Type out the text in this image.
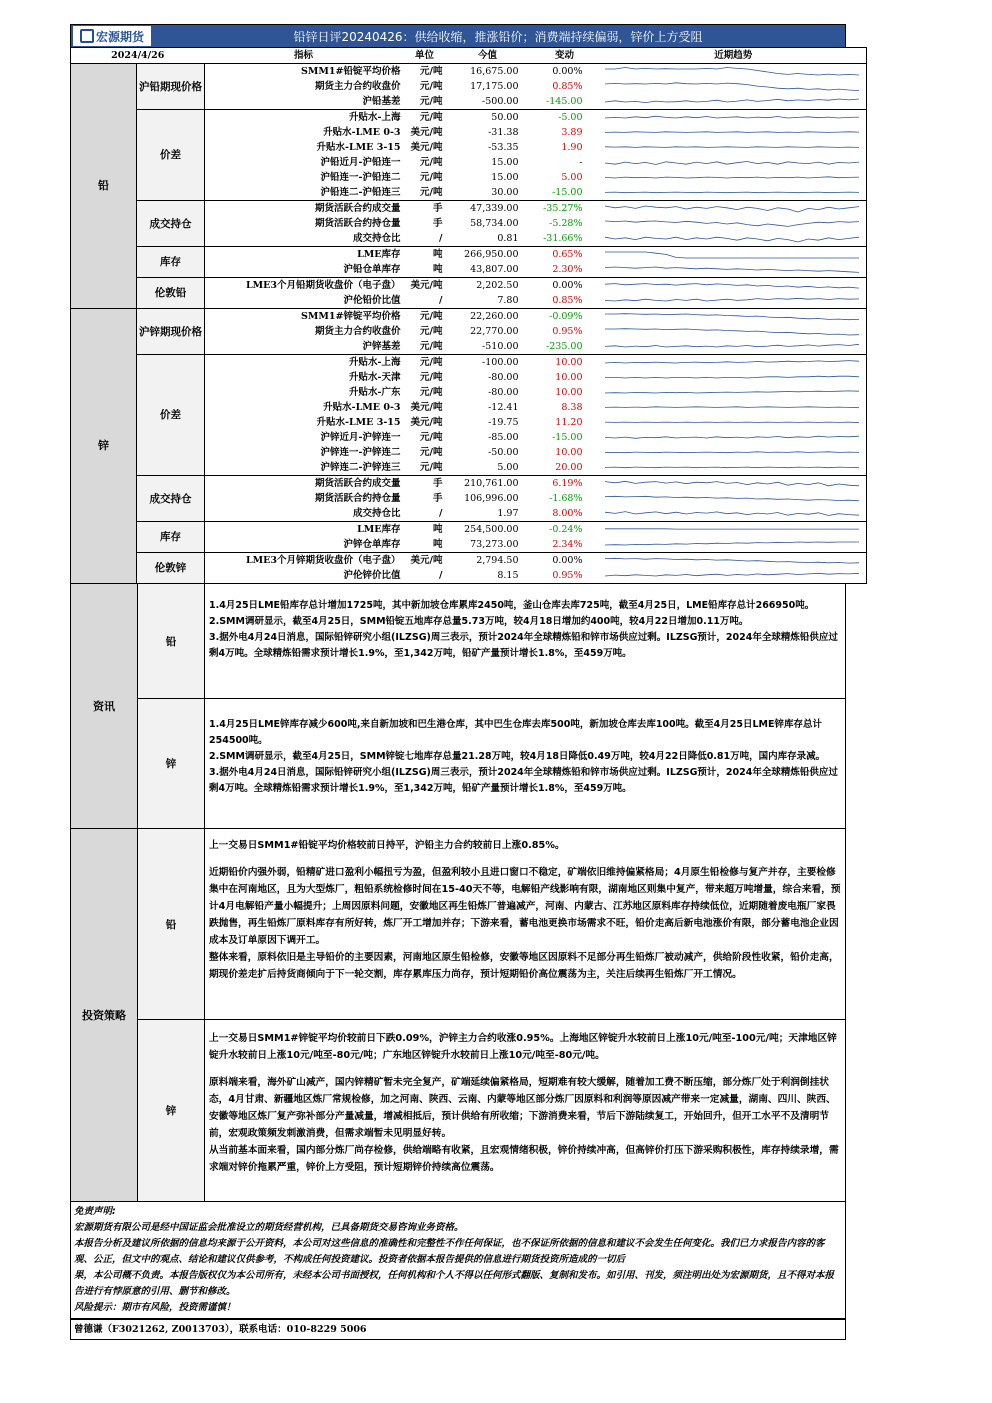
宏源期货	铅锌日评20240426：供给收缩，推涨铅价；消费端持续偏弱，锌价上方受阻
2024/4/26		指标	单位	今值	变动	近期趋势
铅	沪铅期现价格	SMM1#铅锭平均价格	元/吨	16,675.00	0.00%	

		期货主力合约收盘价	元/吨	17,175.00	0.85%	

		沪铅基差	元/吨	-500.00	-145.00	

	价差	升贴水-上海	元/吨	50.00	-5.00	

		升贴水-LME 0-3	美元/吨	-31.38	3.89	

		升贴水-LME 3-15	美元/吨	-53.35	1.90	

		沪铅近月-沪铅连一	元/吨	15.00	-	

		沪铅连一-沪铅连二	元/吨	15.00	5.00	

		沪铅连二-沪铅连三	元/吨	30.00	-15.00	

	成交持仓	期货活跃合约成交量	手	47,339.00	-35.27%	

		期货活跃合约持仓量	手	58,734.00	-5.28%	

		成交持仓比	/	0.81	-31.66%	

	库存	LME库存	吨	266,950.00	0.65%	

		沪铅仓单库存	吨	43,807.00	2.30%	

	伦敦铅	LME3个月铅期货收盘价（电子盘）	美元/吨	2,202.50	0.00%	

		沪伦铅价比值	/	7.80	0.85%	

锌	沪锌期现价格	SMM1#锌锭平均价格	元/吨	22,260.00	-0.09%	

		期货主力合约收盘价	元/吨	22,770.00	0.95%	

		沪锌基差	元/吨	-510.00	-235.00	

	价差	升贴水-上海	元/吨	-100.00	10.00	

		升贴水-天津	元/吨	-80.00	10.00	

		升贴水-广东	元/吨	-80.00	10.00	

		升贴水-LME 0-3	美元/吨	-12.41	8.38	

		升贴水-LME 3-15	美元/吨	-19.75	11.20	

		沪锌近月-沪锌连一	元/吨	-85.00	-15.00	

		沪锌连一-沪锌连二	元/吨	-50.00	10.00	

		沪锌连二-沪锌连三	元/吨	5.00	20.00	

	成交持仓	期货活跃合约成交量	手	210,761.00	6.19%	

		期货活跃合约持仓量	手	106,996.00	-1.68%	

		成交持仓比	/	1.97	8.00%	

	库存	LME库存	吨	254,500.00	-0.24%	

		沪锌仓单库存	吨	73,273.00	2.34%	

	伦敦锌	LME3个月锌期货收盘价（电子盘）	美元/吨	2,794.50	0.00%	

		沪伦锌价比值	/	8.15	0.95%	
资讯
铅

1.4月25日LME铅库存总计增加1725吨，其中新加坡仓库累库2450吨，釜山仓库去库725吨，截至4月25日，LME铅库存总计266950吨。

2.SMM调研显示，截至4月25日，SMM铅锭五地库存总量5.73万吨，较4月18日增加约400吨，较4月22日增加0.11万吨。

3.据外电4月24日消息，国际铅锌研究小组(ILZSG)周三表示，预计2024年全球精炼铅和锌市场供应过剩。ILZSG预计，2024年全球精炼铅供应过剩4万吨。全球精炼铅需求预计增长1.9%，至1,342万吨，铅矿产量预计增长1.8%，至459万吨。

锌

1.4月25日LME锌库存减少600吨,来自新加坡和巴生港仓库，其中巴生仓库去库500吨，新加坡仓库去库100吨。截至4月25日LME锌库存总计254500吨。

2.SMM调研显示，截至4月25日，SMM锌锭七地库存总量21.28万吨，较4月18日降低0.49万吨，较4月22日降低0.81万吨，国内库存录减。

3.据外电4月24日消息，国际铅锌研究小组(ILZSG)周三表示，预计2024年全球精炼铅和锌市场供应过剩。ILZSG预计，2024年全球精炼铅供应过剩4万吨。全球精炼铅需求预计增长1.9%，至1,342万吨，铅矿产量预计增长1.8%，至459万吨。

投资策略
铅

上一交易日SMM1#铅锭平均价格较前日持平，沪铅主力合约较前日上涨0.85%。

近期铅价内强外弱，铅精矿进口盈利小幅扭亏为盈，但盈利较小且进口窗口不稳定，矿端依旧维持偏紧格局；4月原生铅检修与复产并存，主要检修集中在河南地区，且为大型炼厂，粗铅系统检修时间在15-40天不等，电解铅产线影响有限，湖南地区则集中复产，带来超万吨增量，综合来看，预计4月电解铅产量小幅提升；上周因原料问题，安徽地区再生铅炼厂普遍减产，河南、内蒙古、江苏地区原料库存持续低位，近期随着废电瓶厂家畏跌抛售，再生铅炼厂原料库存有所好转，炼厂开工增加并存；下游来看，蓄电池更换市场需求不旺，铅价走高后新电池涨价有限，部分蓄电池企业因成本及订单原因下调开工。

整体来看，原料依旧是主导铅价的主要因素，河南地区原生铅检修，安徽等地区因原料不足部分再生铅炼厂被动减产，供给阶段性收紧，铅价走高，期现价差走扩后持货商倾向于下一轮交割，库存累库压力尚存，预计短期铅价高位震荡为主，关注后续再生铅炼厂开工情况。

锌

上一交易日SMM1#锌锭平均价较前日下跌0.09%，沪锌主力合约收涨0.95%。上海地区锌锭升水较前日上涨10元/吨至-100元/吨；天津地区锌锭升水较前日上涨10元/吨至-80元/吨；广东地区锌锭升水较前日上涨10元/吨至-80元/吨。

原料端来看，海外矿山减产，国内锌精矿暂未完全复产，矿端延续偏紧格局，短期难有较大缓解，随着加工费不断压缩，部分炼厂处于利润倒挂状态，4月甘肃、新疆地区炼厂常规检修，加之河南、陕西、云南、内蒙等地区部分炼厂因原料和利润等原因减产带来一定减量，湖南、四川、陕西、安徽等地区炼厂复产弥补部分产量减量，增减相抵后，预计供给有所收缩；下游消费来看，节后下游陆续复工，开始回升，但开工水平不及清明节前，宏观政策频发刺激消费，但需求端暂未见明显好转。

从当前基本面来看，国内部分炼厂尚存检修，供给端略有收紧，且宏观情绪积极，锌价持续冲高，但高锌价打压下游采购积极性，库存持续录增，需求端对锌价拖累严重，锌价上方受阻，预计短期锌价持续高位震荡。

免责声明:

宏源期货有限公司是经中国证监会批准设立的期货经营机构，已具备期货交易咨询业务资格。

本报告分析及建议所依据的信息均来源于公开资料，本公司对这些信息的准确性和完整性不作任何保证，也不保证所依据的信息和建议不会发生任何变化。我们已力求报告内容的客观、公正，但文中的观点、结论和建议仅供参考，不构成任何投资建议。投资者依据本报告提供的信息进行期货投资所造成的一切后

果，本公司概不负责。本报告版权仅为本公司所有，未经本公司书面授权，任何机构和个人不得以任何形式翻版、复制和发布。如引用、刊发，须注明出处为宏源期货，且不得对本报告进行有悖原意的引用、删节和修改。

风险提示：期市有风险，投资需谨慎！

曾德谦（F3021262, Z0013703），联系电话：010-8229 5006
